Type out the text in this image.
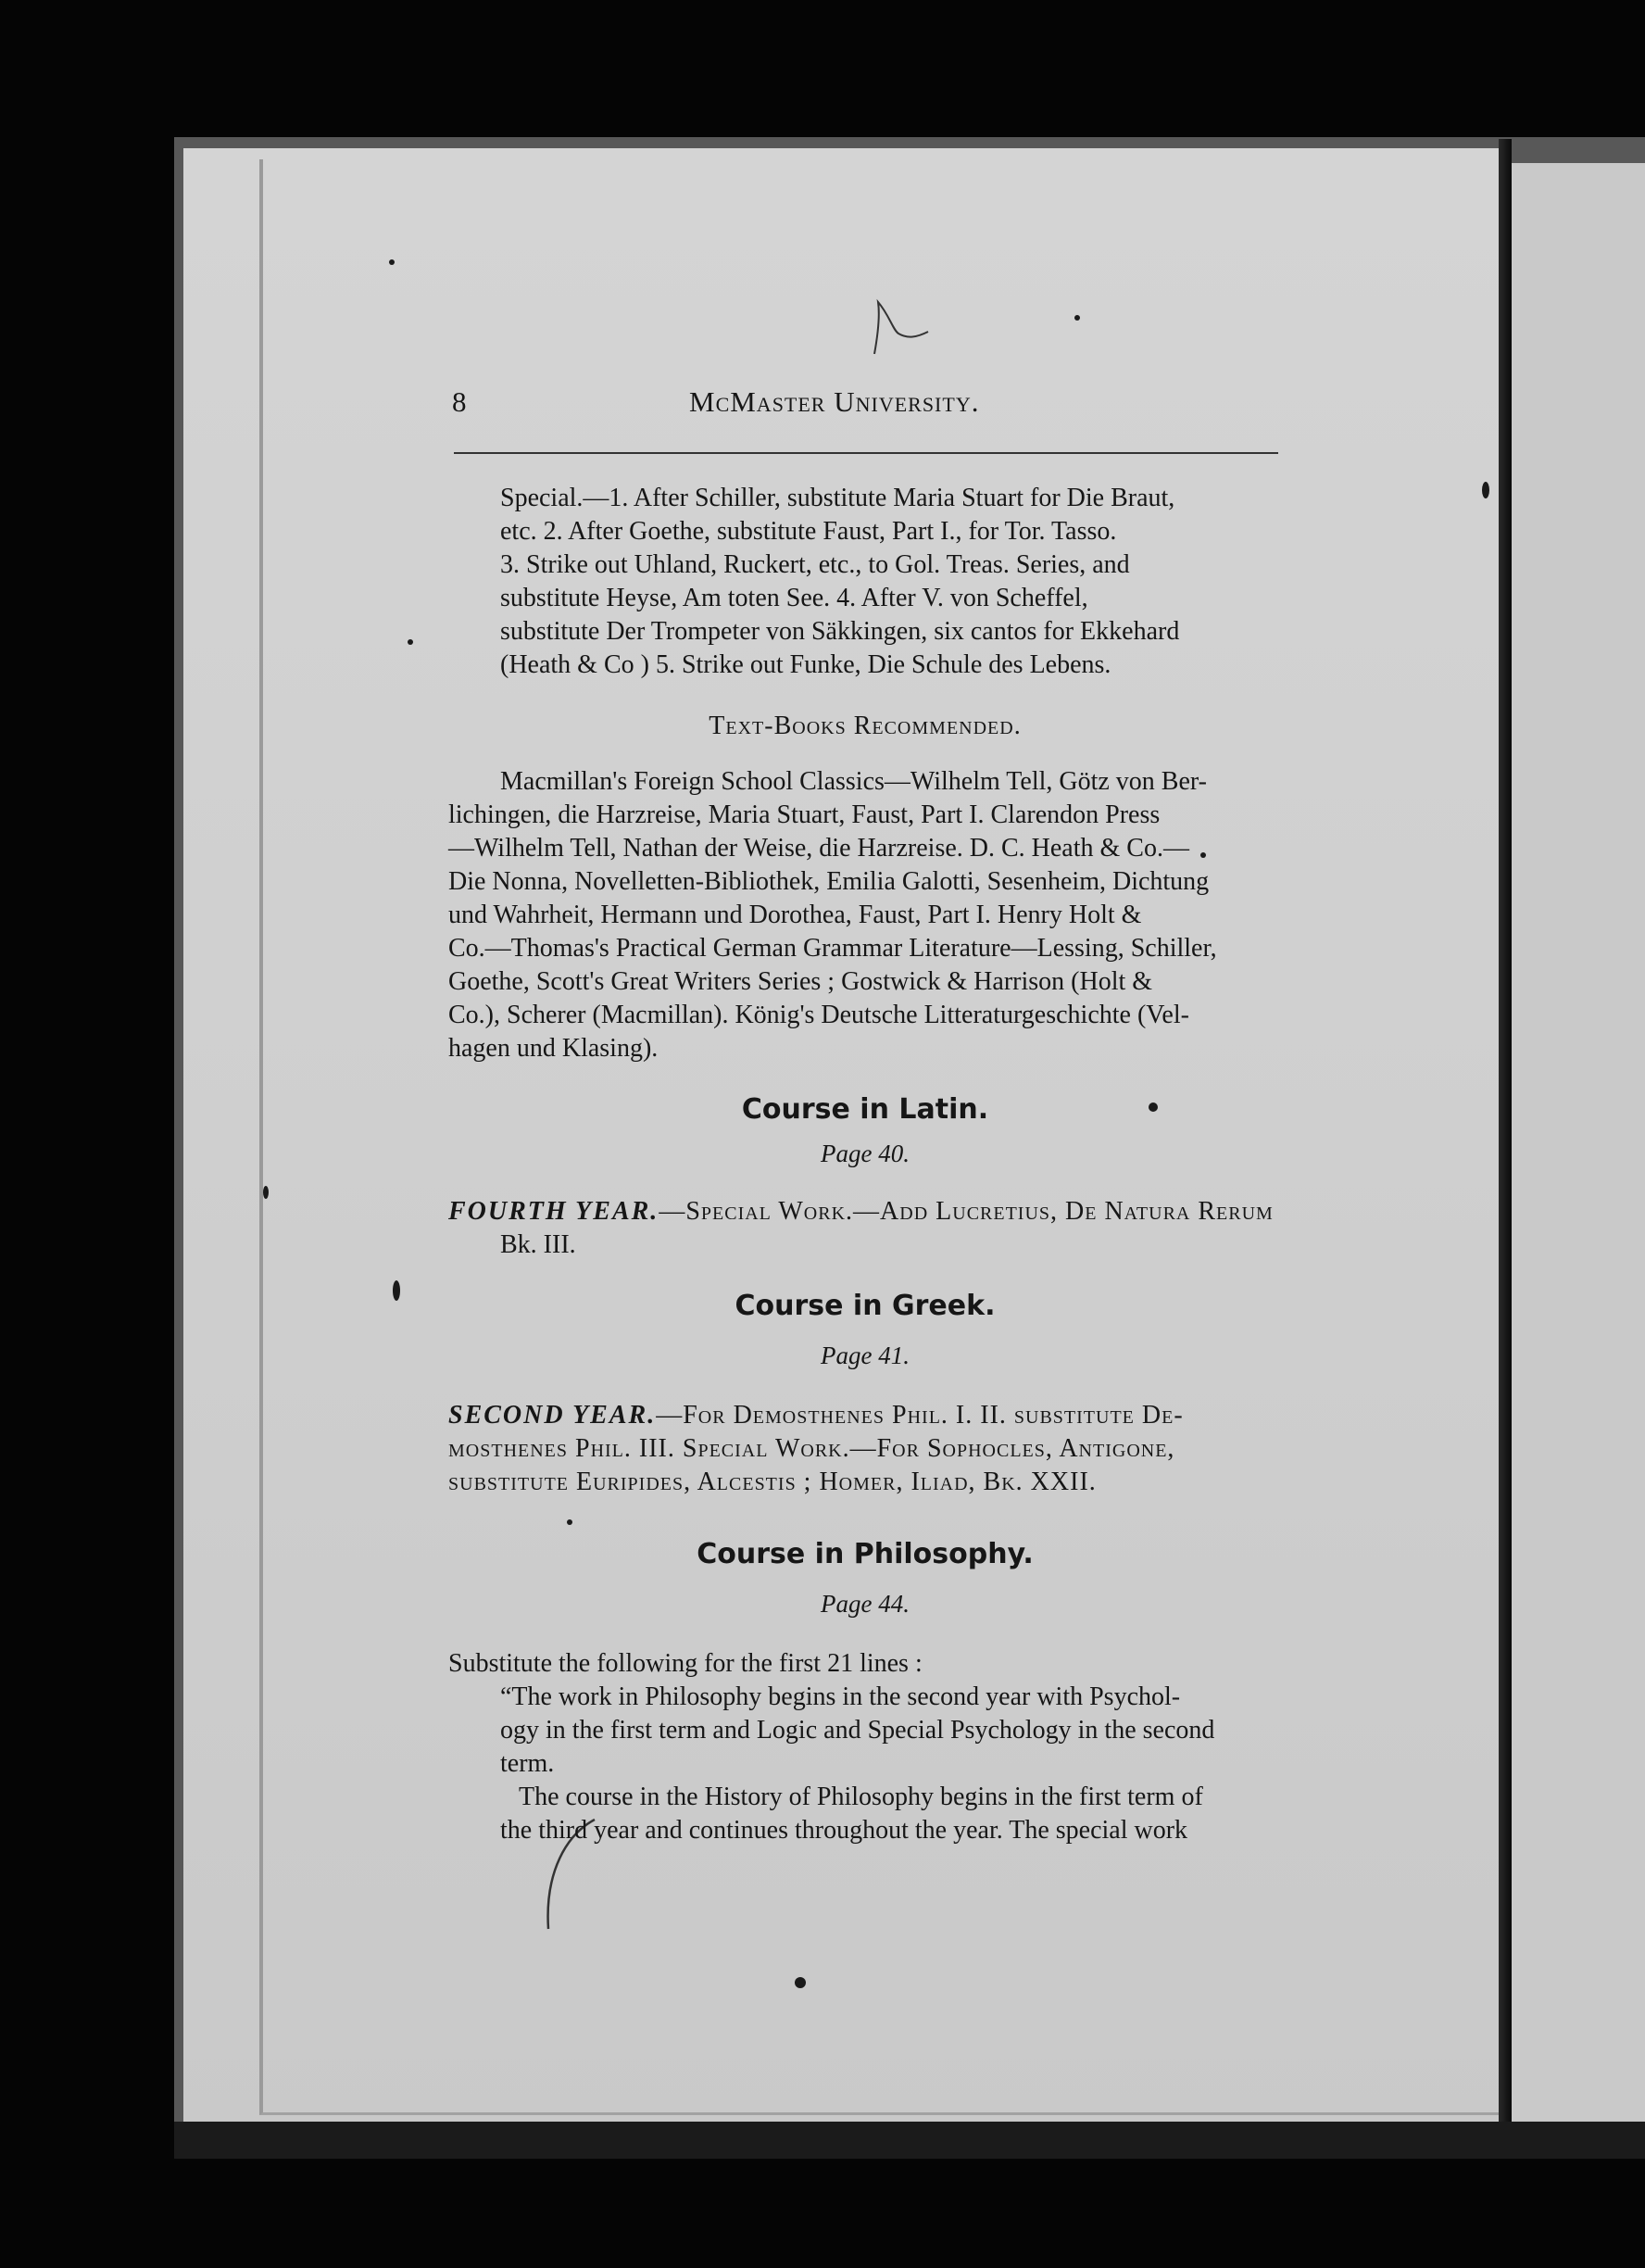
8	McMaster University.
Special.—1. After Schiller, substitute Maria Stuart for Die Braut,
etc. 2. After Goethe, substitute Faust, Part I., for Tor. Tasso.
3. Strike out Uhland, Ruckert, etc., to Gol. Treas. Series, and
substitute Heyse, Am toten See. 4. After V. von Scheffel,
substitute Der Trompeter von Säkkingen, six cantos for Ekkehard
(Heath & Co ) 5. Strike out Funke, Die Schule des Lebens.
Text-Books Recommended.
Macmillan's Foreign School Classics—Wilhelm Tell, Götz von Ber-
lichingen, die Harzreise, Maria Stuart, Faust, Part I. Clarendon Press
—Wilhelm Tell, Nathan der Weise, die Harzreise. D. C. Heath & Co.—
Die Nonna, Novelletten-Bibliothek, Emilia Galotti, Sesenheim, Dichtung
und Wahrheit, Hermann und Dorothea, Faust, Part I. Henry Holt &
Co.—Thomas's Practical German Grammar Literature—Lessing, Schiller,
Goethe, Scott's Great Writers Series ; Gostwick & Harrison (Holt &
Co.), Scherer (Macmillan). König's Deutsche Litteraturgeschichte (Vel-
hagen und Klasing).
Course in Latin.
Page 40.
FOURTH YEAR.—Special Work.—Add Lucretius, De Natura Rerum
Bk. III.
Course in Greek.
Page 41.
SECOND YEAR.—For Demosthenes Phil. I. II. substitute De-
mosthenes Phil. III. Special Work.—For Sophocles, Antigone,
substitute Euripides, Alcestis ; Homer, Iliad, Bk. XXII.
Course in Philosophy.
Page 44.
Substitute the following for the first 21 lines :
“The work in Philosophy begins in the second year with Psychol-
ogy in the first term and Logic and Special Psychology in the second
term.
The course in the History of Philosophy begins in the first term of
the third year and continues throughout the year. The special work
